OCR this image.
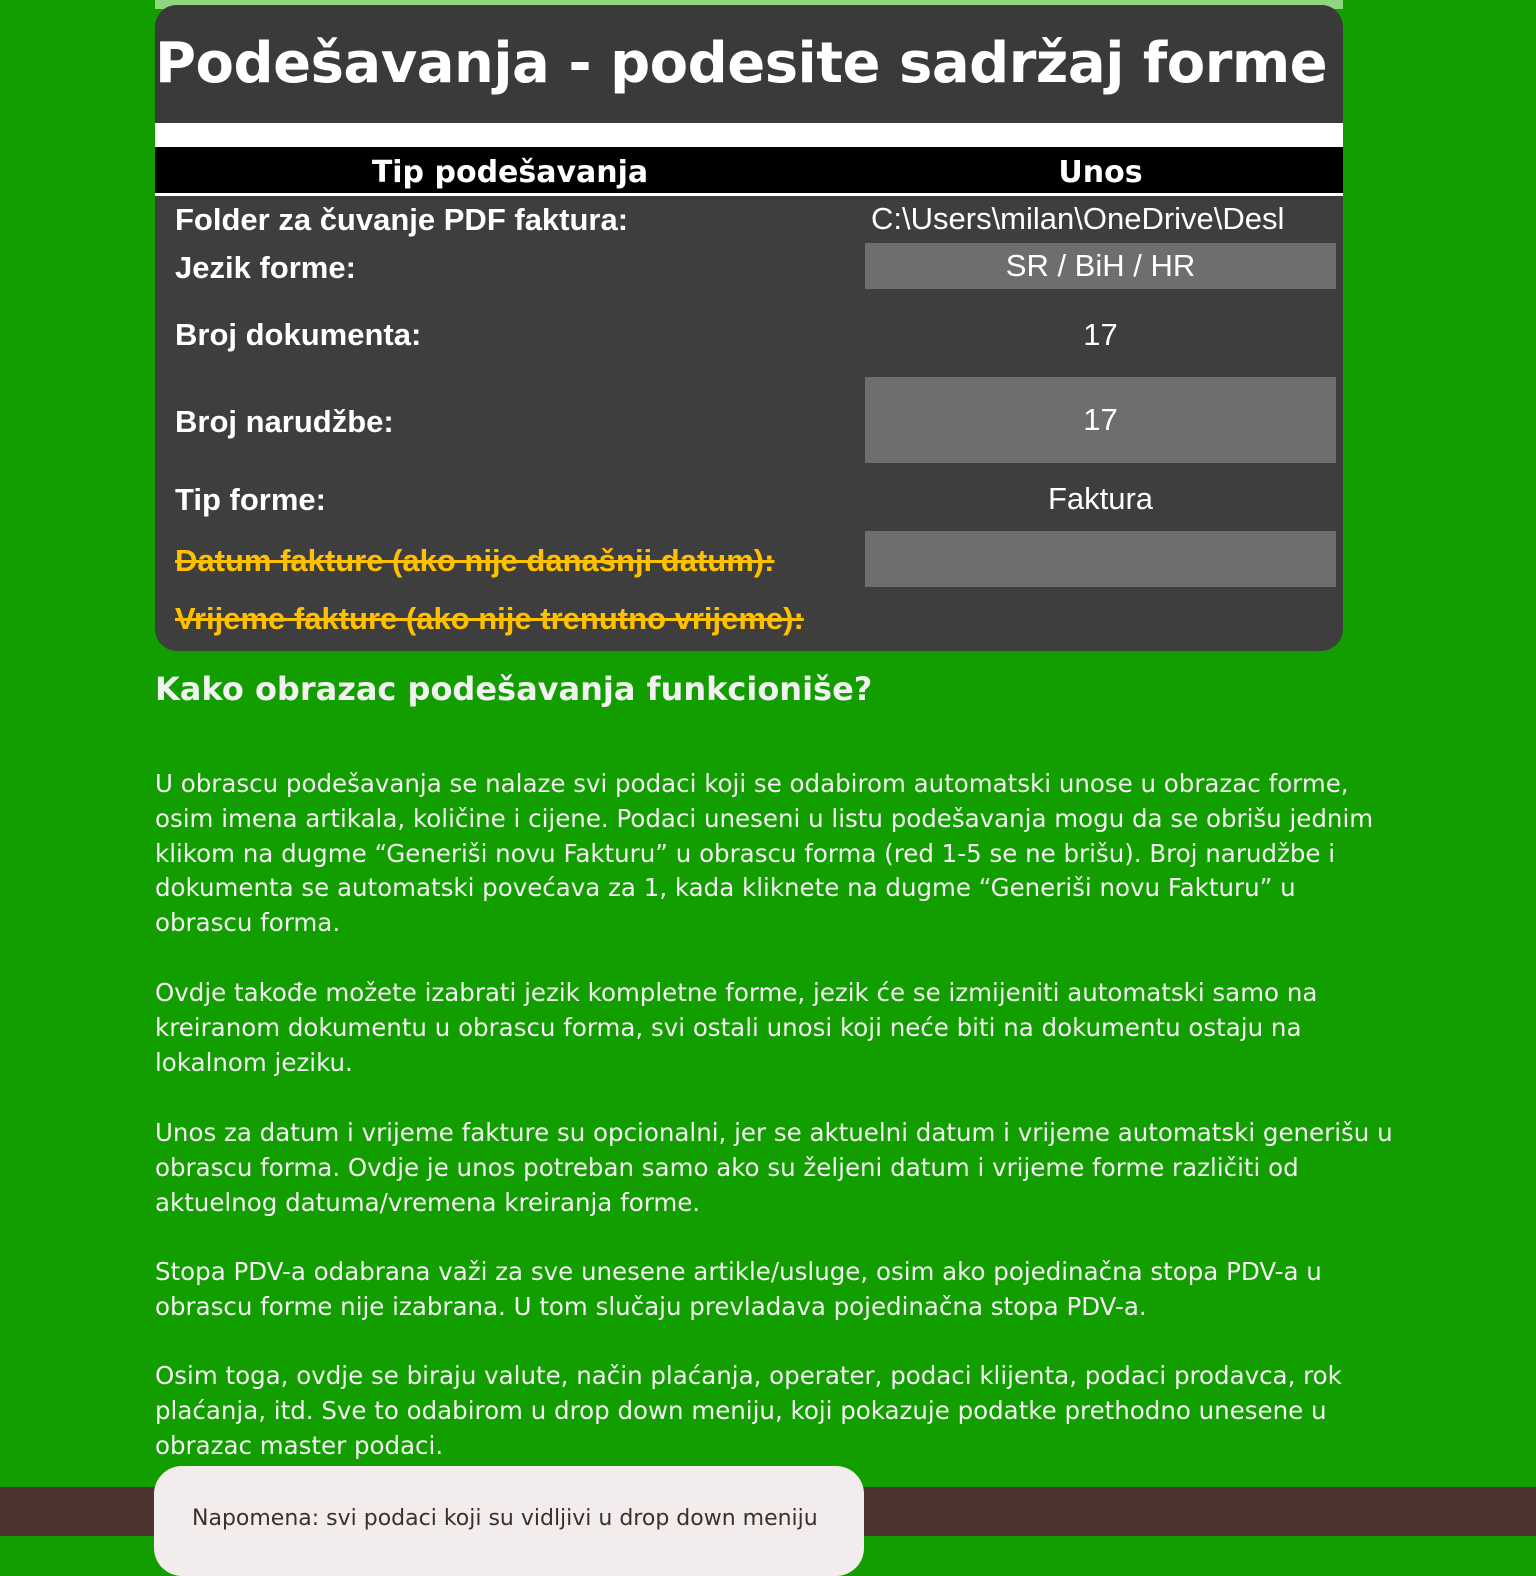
Podešavanja - podesite sadržaj forme
Tip podešavanja	Unos
Folder za čuvanje PDF faktura:	C:\Users\milan\OneDrive\Desl
Jezik forme:	SR / BiH / HR
Broj dokumenta:	17
Broj narudžbe:	17
Tip forme:	Faktura
Datum fakture (ako nije današnji datum):
Vrijeme fakture (ako nije trenutno vrijeme):
Kako obrazac podešavanja funkcioniše?

U obrascu podešavanja se nalaze svi podaci koji se odabirom automatski unose u obrazac forme, osim imena artikala, količine i cijene. Podaci uneseni u listu podešavanja mogu da se obrišu jednim klikom na dugme “Generiši novu Fakturu” u obrascu forma (red 1-5 se ne brišu). Broj narudžbe i dokumenta se automatski povećava za 1, kada kliknete na dugme “Generiši novu Fakturu” u obrascu forma.

Ovdje takođe možete izabrati jezik kompletne forme, jezik će se izmijeniti automatski samo na kreiranom dokumentu u obrascu forma, svi ostali unosi koji neće biti na dokumentu ostaju na lokalnom jeziku.

Unos za datum i vrijeme fakture su opcionalni, jer se aktuelni datum i vrijeme automatski generišu u obrascu forma. Ovdje je unos potreban samo ako su željeni datum i vrijeme forme različiti od aktuelnog datuma/vremena kreiranja forme.

Stopa PDV-a odabrana važi za sve unesene artikle/usluge, osim ako pojedinačna stopa PDV-a u obrascu forme nije izabrana. U tom slučaju prevladava pojedinačna stopa PDV-a.

Osim toga, ovdje se biraju valute, način plaćanja, operater, podaci klijenta, podaci prodavca, rok plaćanja, itd. Sve to odabirom u drop down meniju, koji pokazuje podatke prethodno unesene u obrazac master podaci.

Napomena: svi podaci koji su vidljivi u drop down meniju
